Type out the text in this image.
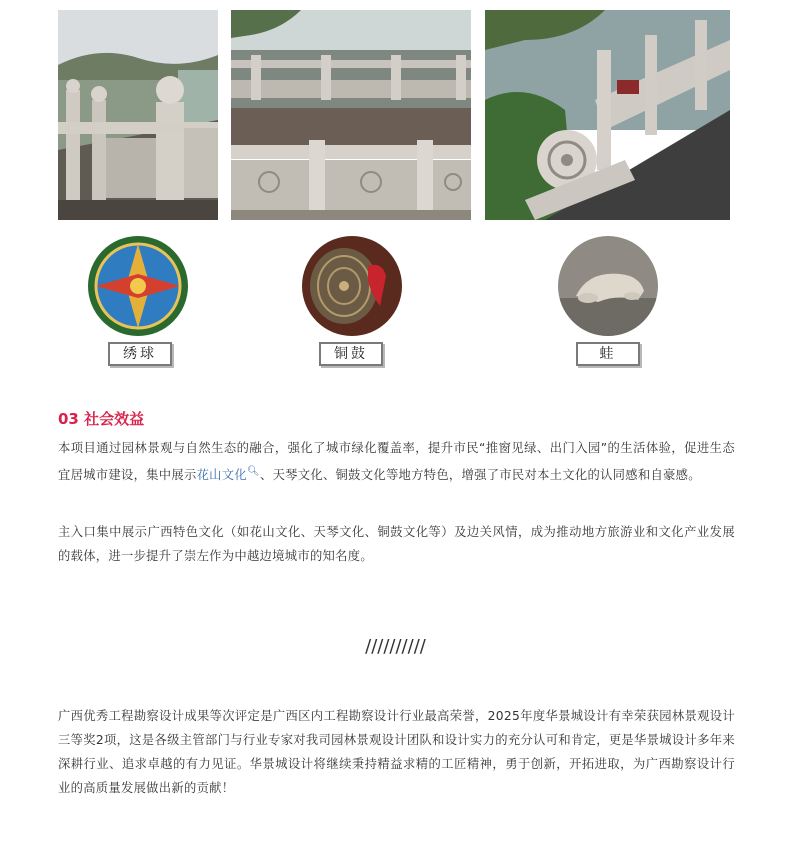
绣球	铜鼓	蛙
03 社会效益
本项目通过园林景观与自然生态的融合，强化了城市绿化覆盖率，提升市民“推窗见绿、出门入园”的生活体验，促进生态宜居城市建设，集中展示花山文化🔍︎、天琴文化、铜鼓文化等地方特色，增强了市民对本土文化的认同感和自豪感。
主入口集中展示广西特色文化（如花山文化、天琴文化、铜鼓文化等）及边关风情，成为推动地方旅游业和文化产业发展的载体，进一步提升了崇左作为中越边境城市的知名度。
//////////
广西优秀工程勘察设计成果等次评定是广西区内工程勘察设计行业最高荣誉，2025年度华景城设计有幸荣获园林景观设计三等奖2项，这是各级主管部门与行业专家对我司园林景观设计团队和设计实力的充分认可和肯定，更是华景城设计多年来深耕行业、追求卓越的有力见证。华景城设计将继续秉持精益求精的工匠精神，勇于创新，开拓进取，为广西勘察设计行业的高质量发展做出新的贡献！
